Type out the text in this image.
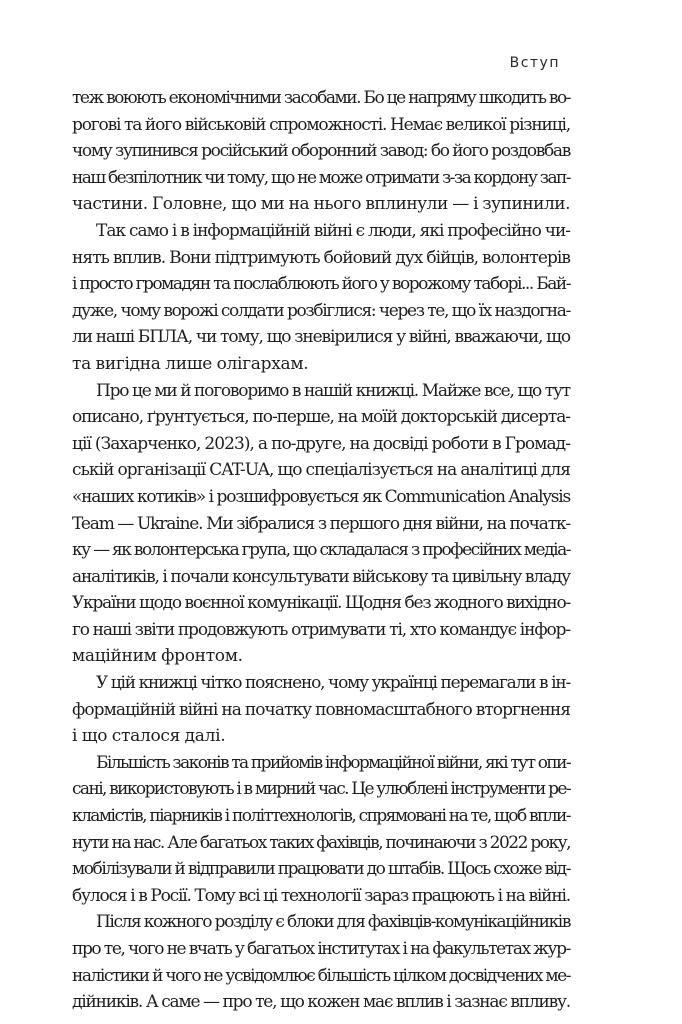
Вступ
теж воюють економічними засобами. Бо це напряму шкодить во-
рогові та його військовій спроможності. Немає великої різниці,
чому зупинився російський оборонний завод: бо його роздовбав
наш безпілотник чи тому, що не може отримати з-за кордону зап-
частини. Головне, що ми на нього вплинули — і зупинили.
Так само і в інформаційній війні є люди, які професійно чи-
нять вплив. Вони підтримують бойовий дух бійців, волонтерів
і просто громадян та послаблюють його у ворожому таборі... Бай-
дуже, чому ворожі солдати розбіглися: через те, що їх наздогна-
ли наші БПЛА, чи тому, що зневірилися у війні, вважаючи, що
та вигідна лише олігархам.
Про це ми й поговоримо в нашій книжці. Майже все, що тут
описано, ґрунтується, по-перше, на моїй докторській дисерта-
ції (Захарченко, 2023), а по-друге, на досвіді роботи в Громад-
ській організації CAT-UA, що спеціалізується на аналітиці для
«наших котиків» і розшифровується як Communication Analysis
Team — Ukraine. Ми зібралися з першого дня війни, на початк-
ку — як волонтерська група, що складалася з професійних медіа-
аналітиків, і почали консультувати військову та цивільну владу
України щодо воєнної комунікації. Щодня без жодного вихідно-
го наші звіти продовжують отримувати ті, хто командує інфор-
маційним фронтом.
У цій книжці чітко пояснено, чому українці перемагали в ін-
формаційній війні на початку повномасштабного вторгнення
і що сталося далі.
Більшість законів та прийомів інформаційної війни, які тут опи-
сані, використовують і в мирний час. Це улюблені інструменти ре-
кламістів, піарників і політтехнологів, спрямовані на те, щоб впли-
нути на нас. Але багатьох таких фахівців, починаючи з 2022 року,
мобілізували й відправили працювати до штабів. Щось схоже від-
булося і в Росії. Тому всі ці технології зараз працюють і на війні.
Після кожного розділу є блоки для фахівців-комунікаційників
про те, чого не вчать у багатьох інститутах і на факультетах жур-
налістики й чого не усвідомлює більшість цілком досвідчених ме-
дійників. А саме — про те, що кожен має вплив і зазнає впливу.
